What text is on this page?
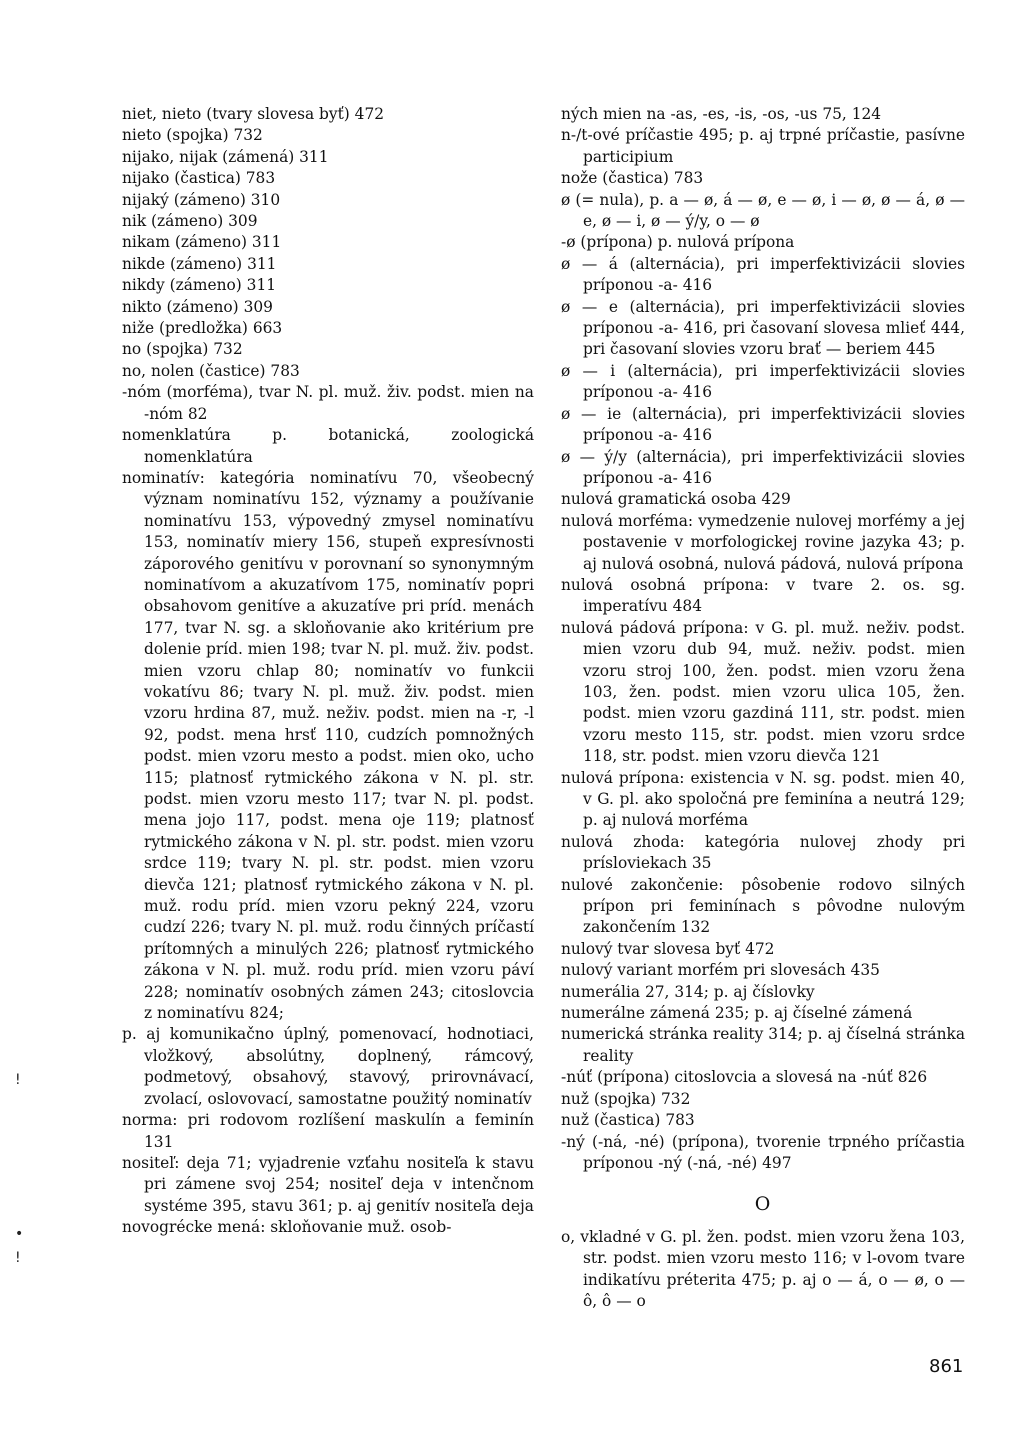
niet, nieto (tvary slovesa byť) 472
nieto (spojka) 732
nijako, nijak (zámená) 311
nijako (častica) 783
nijaký (zámeno) 310
nik (zámeno) 309
nikam (zámeno) 311
nikde (zámeno) 311
nikdy (zámeno) 311
nikto (zámeno) 309
niže (predložka) 663
no (spojka) 732
no, nolen (častice) 783
-nóm (morféma), tvar N. pl. muž. živ. podst. mien na -nóm 82
nomenklatúra p. botanická, zoologická nomenklatúra
nominatív: kategória nominatívu 70, všeobecný význam nominatívu 152, významy a používanie nominatívu 153, výpovedný zmysel nominatívu 153, nominatív miery 156, stupeň expresívnosti záporového genitívu v porovnaní so synonymným nominatívom a akuzatívom 175, nominatív popri obsahovom genitíve a akuzatíve pri príd. menách 177, tvar N. sg. a skloňovanie ako kritérium pre dolenie príd. mien 198; tvar N. pl. muž. živ. podst. mien vzoru chlap 80; nominatív vo funkcii vokatívu 86; tvary N. pl. muž. živ. podst. mien vzoru hrdina 87, muž. neživ. podst. mien na -r, -l 92, podst. mena hrsť 110, cudzích pomnožných podst. mien vzoru mesto a podst. mien oko, ucho 115; platnosť rytmického zákona v N. pl. str. podst. mien vzoru mesto 117; tvar N. pl. podst. mena jojo 117, podst. mena oje 119; platnosť rytmického zákona v N. pl. str. podst. mien vzoru srdce 119; tvary N. pl. str. podst. mien vzoru dievča 121; platnosť rytmického zákona v N. pl. muž. rodu príd. mien vzoru pekný 224, vzoru cudzí 226; tvary N. pl. muž. rodu činných príčastí prítomných a minulých 226; platnosť rytmického zákona v N. pl. muž. rodu príd. mien vzoru páví 228; nominatív osobných zámen 243; citoslovcia z nominatívu 824;
p. aj komunikačno úplný, pomenovací, hodnotiaci, vložkový, absolútny, doplnený, rámcový, podmetový, obsahový, stavový, prirovnávací, zvolací, oslovovací, samostatne použitý nominatív
norma: pri rodovom rozlíšení maskulín a feminín 131
nositeľ: deja 71; vyjadrenie vzťahu nositeľa k stavu pri zámene svoj 254; nositeľ deja v intenčnom systéme 395, stavu 361; p. aj genitív nositeľa deja
novogrécke mená: skloňovanie muž. osob-
ných mien na -as, -es, -is, -os, -us 75, 124
n-/t-ové príčastie 495; p. aj trpné príčastie, pasívne participium
nože (častica) 783
ø (= nula), p. a — ø, á — ø, e — ø, i — ø, ø — á, ø — e, ø — i, ø — ý/y, o — ø
-ø (prípona) p. nulová prípona
ø — á (alternácia), pri imperfektivizácii slovies príponou -a- 416
ø — e (alternácia), pri imperfektivizácii slovies príponou -a- 416, pri časovaní slovesa mlieť 444, pri časovaní slovies vzoru brať — beriem 445
ø — i (alternácia), pri imperfektivizácii slovies príponou -a- 416
ø — ie (alternácia), pri imperfektivizácii slovies príponou -a- 416
ø — ý/y (alternácia), pri imperfektivizácii slovies príponou -a- 416
nulová gramatická osoba 429
nulová morféma: vymedzenie nulovej morfémy a jej postavenie v morfologickej rovine jazyka 43; p. aj nulová osobná, nulová pádová, nulová prípona
nulová osobná prípona: v tvare 2. os. sg. imperatívu 484
nulová pádová prípona: v G. pl. muž. neživ. podst. mien vzoru dub 94, muž. neživ. podst. mien vzoru stroj 100, žen. podst. mien vzoru žena 103, žen. podst. mien vzoru ulica 105, žen. podst. mien vzoru gazdiná 111, str. podst. mien vzoru mesto 115, str. podst. mien vzoru srdce 118, str. podst. mien vzoru dievča 121
nulová prípona: existencia v N. sg. podst. mien 40, v G. pl. ako spoločná pre feminína a neutrá 129; p. aj nulová morféma
nulová zhoda: kategória nulovej zhody pri prísloviekach 35
nulové zakončenie: pôsobenie rodovo silných prípon pri feminínach s pôvodne nulovým zakončením 132
nulový tvar slovesa byť 472
nulový variant morfém pri slovesách 435
numerália 27, 314; p. aj číslovky
numerálne zámená 235; p. aj číselné zámená
numerická stránka reality 314; p. aj číselná stránka reality
-núť (prípona) citoslovcia a slovesá na -núť 826
nuž (spojka) 732
nuž (častica) 783
-ný (-ná, -né) (prípona), tvorenie trpného príčastia príponou -ný (-ná, -né) 497
O
o, vkladné v G. pl. žen. podst. mien vzoru žena 103, str. podst. mien vzoru mesto 116; v l-ovom tvare indikatívu préterita 475; p. aj o — á, o — ø, o — ô, ô — o
!
•
!
861
